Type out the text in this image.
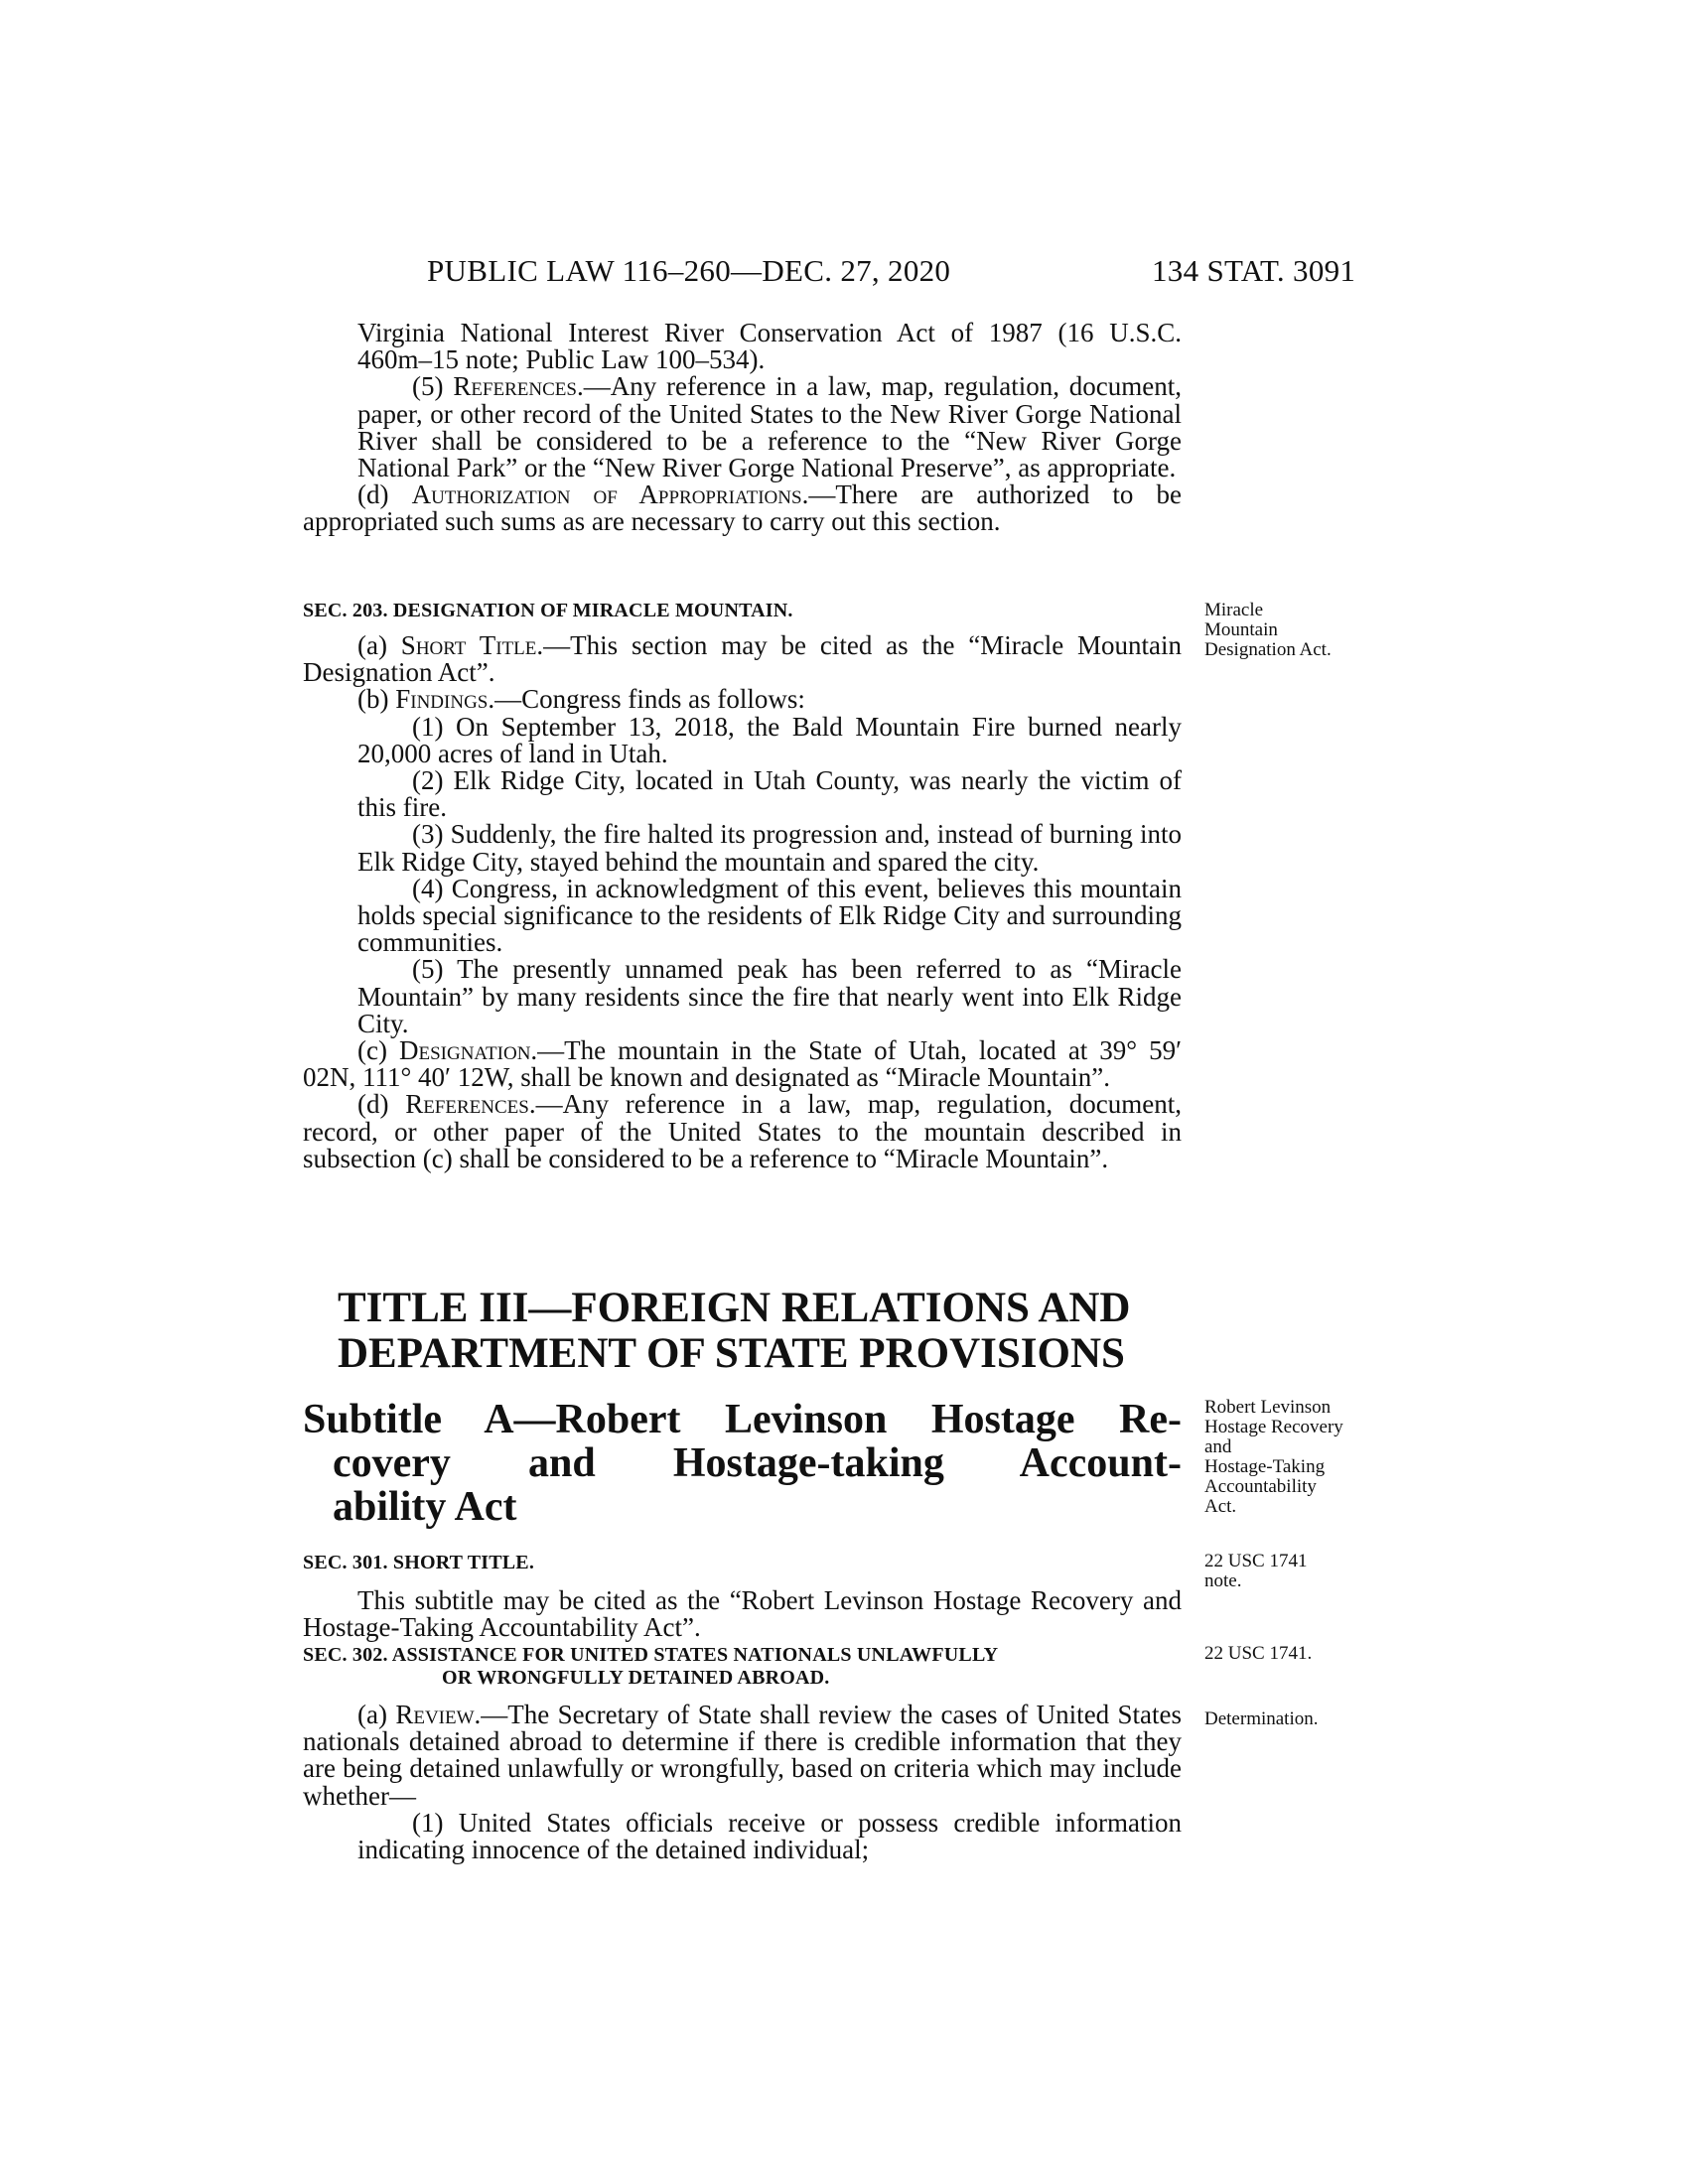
PUBLIC LAW 116–260—DEC. 27, 2020	134 STAT. 3091

Virginia National Interest River Conservation Act of 1987 (16 U.S.C. 460m–15 note; Public Law 100–534).

(5) References.—Any reference in a law, map, regulation, document, paper, or other record of the United States to the New River Gorge National River shall be considered to be a reference to the “New River Gorge National Park” or the “New River Gorge National Preserve”, as appropriate.

(d) Authorization of Appropriations.—There are authorized to be appropriated such sums as are necessary to carry out this section.

SEC. 203. DESIGNATION OF MIRACLE MOUNTAIN.

(a) Short Title.—This section may be cited as the “Miracle Mountain Designation Act”.

(b) Findings.—Congress finds as follows:

(1) On September 13, 2018, the Bald Mountain Fire burned nearly 20,000 acres of land in Utah.

(2) Elk Ridge City, located in Utah County, was nearly the victim of this fire.

(3) Suddenly, the fire halted its progression and, instead of burning into Elk Ridge City, stayed behind the mountain and spared the city.

(4) Congress, in acknowledgment of this event, believes this mountain holds special significance to the residents of Elk Ridge City and surrounding communities.

(5) The presently unnamed peak has been referred to as “Miracle Mountain” by many residents since the fire that nearly went into Elk Ridge City.

(c) Designation.—The mountain in the State of Utah, located at 39° 59′ 02N, 111° 40′ 12W, shall be known and designated as “Miracle Mountain”.

(d) References.—Any reference in a law, map, regulation, document, record, or other paper of the United States to the mountain described in subsection (c) shall be considered to be a reference to “Miracle Mountain”.

Miracle
Mountain
Designation Act.
TITLE III—FOREIGN RELATIONS AND
DEPARTMENT OF STATE PROVISIONS
Subtitle A—Robert Levinson Hostage Re-
covery and Hostage-taking Account-
ability Act
Robert Levinson
Hostage Recovery
and
Hostage-Taking
Accountability
Act.

SEC. 301. SHORT TITLE.

This subtitle may be cited as the “Robert Levinson Hostage Recovery and Hostage-Taking Accountability Act”.

22 USC 1741
note.

SEC. 302. ASSISTANCE FOR UNITED STATES NATIONALS UNLAWFULLY

OR WRONGFULLY DETAINED ABROAD.

(a) Review.—The Secretary of State shall review the cases of United States nationals detained abroad to determine if there is credible information that they are being detained unlawfully or wrongfully, based on criteria which may include whether—

(1) United States officials receive or possess credible information indicating innocence of the detained individual;

22 USC 1741.
Determination.
